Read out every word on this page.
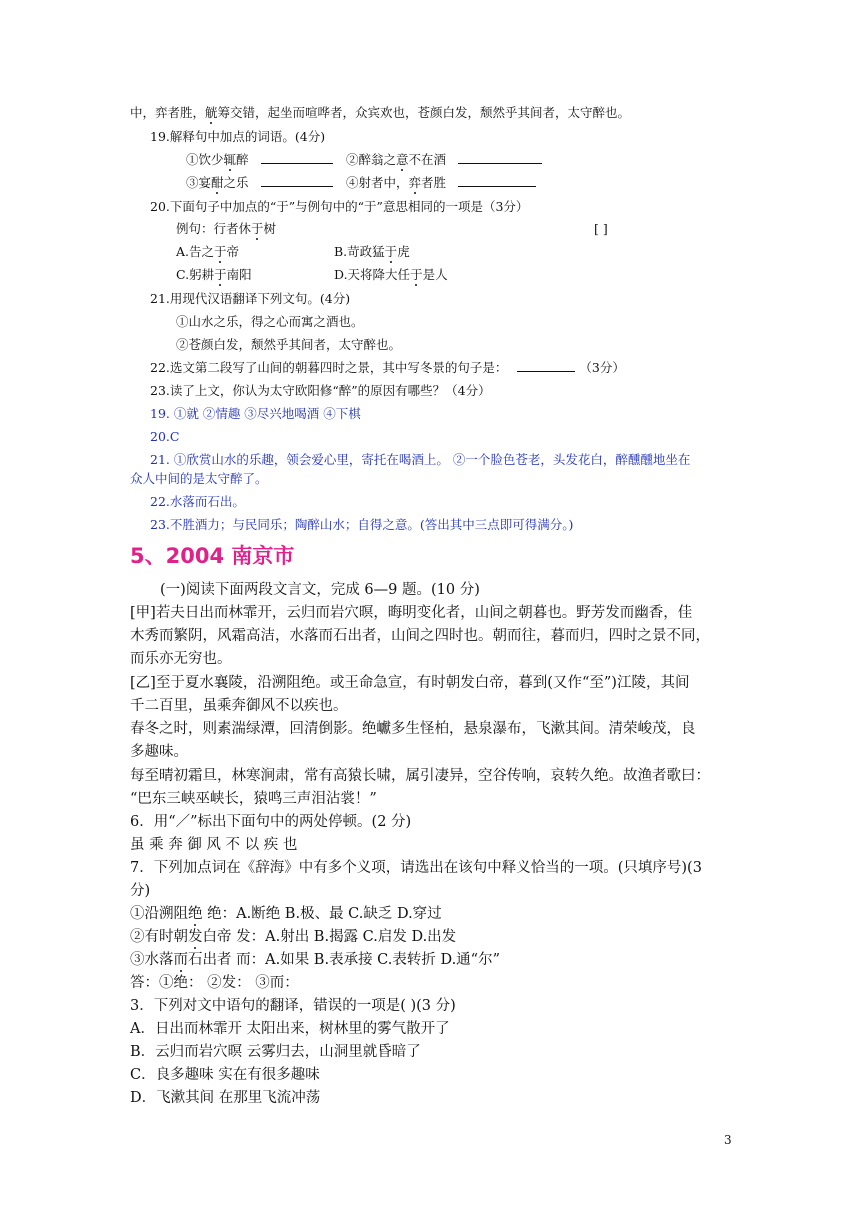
中，弈者胜，觥筹交错，起坐而喧哗者，众宾欢也，苍颜白发，颓然乎其间者，太守醉也。
19.解释句中加点的词语。(4分)
①饮少辄醉	②醉翁之意不在酒
③宴酣之乐	④射者中，弈者胜
20.下面句子中加点的“于”与例句中的“于”意思相同的一项是（3分）
例句：行者休于树	[ ]
A.告之于帝	B.苛政猛于虎
C.躬耕于南阳	D.天将降大任于是人
21.用现代汉语翻译下列文句。(4分)
①山水之乐，得之心而寓之酒也。
②苍颜白发，颓然乎其间者，太守醉也。
22.选文第二段写了山间的朝暮四时之景，其中写冬景的句子是：	（3分）
23.读了上文，你认为太守欧阳修“醉”的原因有哪些？（4分）
19. ①就 ②情趣 ③尽兴地喝酒 ④下棋
20.C
21. ①欣赏山水的乐趣，领会爱心里，寄托在喝酒上。 ②一个脸色苍老，头发花白，醉醺醺地坐在
众人中间的是太守醉了。
22.水落而石出。
23.不胜酒力；与民同乐；陶醉山水；自得之意。(答出其中三点即可得满分。)
5、2004 南京市
(一)阅读下面两段文言文，完成 6—9 题。(10 分)
[甲]若夫日出而林霏开，云归而岩穴暝，晦明变化者，山间之朝暮也。野芳发而幽香，佳
木秀而繁阴，风霜高洁，水落而石出者，山间之四时也。朝而往，暮而归，四时之景不同，
而乐亦无穷也。
[乙]至于夏水襄陵，沿溯阻绝。或王命急宣，有时朝发白帝，暮到(又作“至”)江陵，其间
千二百里，虽乘奔御风不以疾也。
春冬之时，则素湍绿潭，回清倒影。绝巘多生怪柏，悬泉瀑布，飞漱其间。清荣峻茂，良
多趣味。
每至晴初霜旦，林寒涧肃，常有高猿长啸，属引凄异，空谷传响，哀转久绝。故渔者歌曰：
“巴东三峡巫峡长，猿鸣三声泪沾裳！”
6．用“／”标出下面句中的两处停顿。(2 分)
虽 乘 奔 御 风 不 以 疾 也
7．下列加点词在《辞海》中有多个义项，请选出在该句中释义恰当的一项。(只填序号)(3
分)
①沿溯阻绝 绝：A.断绝 B.极、最 C.缺乏 D.穿过
②有时朝发白帝 发：A.射出 B.揭露 C.启发 D.出发
③水落而石出者 而：A.如果 B.表承接 C.表转折 D.通“尔”
答：①绝： ②发： ③而：
3．下列对文中语句的翻译，错误的一项是( )(3 分)
A．日出而林霏开 太阳出来，树林里的雾气散开了
B．云归而岩穴暝 云雾归去，山洞里就昏暗了
C．良多趣味 实在有很多趣味
D．飞漱其间 在那里飞流冲荡
3
